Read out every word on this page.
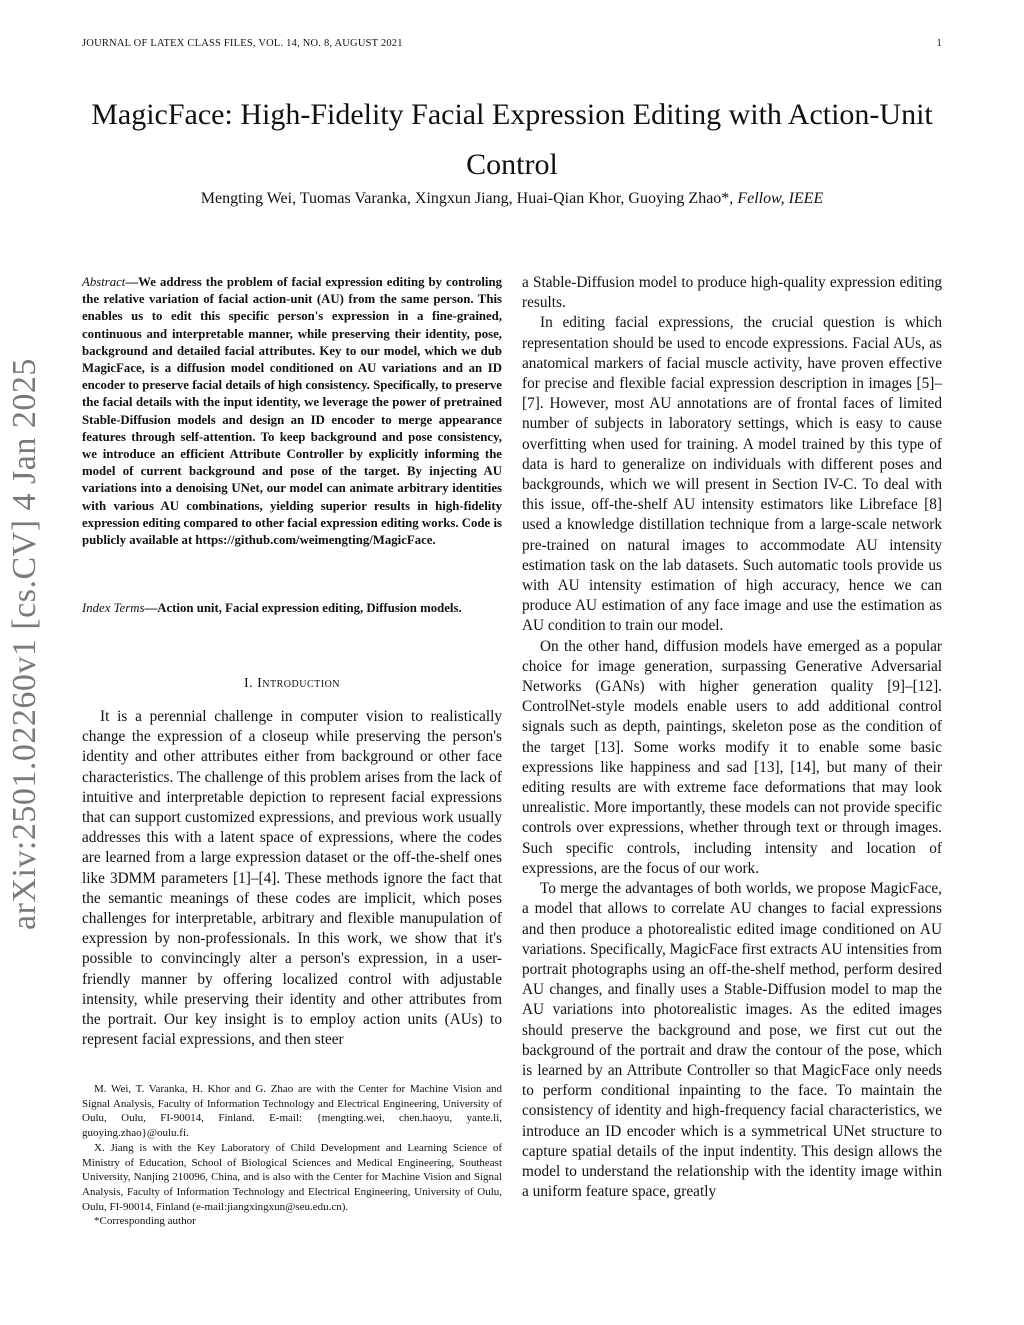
JOURNAL OF LATEX CLASS FILES, VOL. 14, NO. 8, AUGUST 2021	1
arXiv:2501.02260v1 [cs.CV] 4 Jan 2025
MagicFace: High-Fidelity Facial Expression Editing with Action-Unit Control
Mengting Wei, Tuomas Varanka, Xingxun Jiang, Huai-Qian Khor, Guoying Zhao*, Fellow, IEEE
Abstract—We address the problem of facial expression editing by controling the relative variation of facial action-unit (AU) from the same person. This enables us to edit this specific person's expression in a fine-grained, continuous and interpretable manner, while preserving their identity, pose, background and detailed facial attributes. Key to our model, which we dub MagicFace, is a diffusion model conditioned on AU variations and an ID encoder to preserve facial details of high consistency. Specifically, to preserve the facial details with the input identity, we leverage the power of pretrained Stable-Diffusion models and design an ID encoder to merge appearance features through self-attention. To keep background and pose consistency, we introduce an efficient Attribute Controller by explicitly informing the model of current background and pose of the target. By injecting AU variations into a denoising UNet, our model can animate arbitrary identities with various AU combinations, yielding superior results in high-fidelity expression editing compared to other facial expression editing works. Code is publicly available at https://github.com/weimengting/MagicFace.
Index Terms—Action unit, Facial expression editing, Diffusion models.
I. Introduction

It is a perennial challenge in computer vision to realistically change the expression of a closeup while preserving the person's identity and other attributes either from background or other face characteristics. The challenge of this problem arises from the lack of intuitive and interpretable depiction to represent facial expressions that can support customized expressions, and previous work usually addresses this with a latent space of expressions, where the codes are learned from a large expression dataset or the off-the-shelf ones like 3DMM parameters [1]–[4]. These methods ignore the fact that the semantic meanings of these codes are implicit, which poses challenges for interpretable, arbitrary and flexible manupulation of expression by non-professionals. In this work, we show that it's possible to convincingly alter a person's expression, in a user-friendly manner by offering localized control with adjustable intensity, while preserving their identity and other attributes from the portrait. Our key insight is to employ action units (AUs) to represent facial expressions, and then steer

M. Wei, T. Varanka, H. Khor and G. Zhao are with the Center for Machine Vision and Signal Analysis, Faculty of Information Technology and Electrical Engineering, University of Oulu, Oulu, FI-90014, Finland. E-mail: {mengting.wei, chen.haoyu, yante.li, guoying.zhao}@oulu.fi.

X. Jiang is with the Key Laboratory of Child Development and Learning Science of Ministry of Education, School of Biological Sciences and Medical Engineering, Southeast University, Nanjing 210096, China, and is also with the Center for Machine Vision and Signal Analysis, Faculty of Information Technology and Electrical Engineering, University of Oulu, Oulu, FI-90014, Finland (e-mail:jiangxingxun@seu.edu.cn).

*Corresponding author

a Stable-Diffusion model to produce high-quality expression editing results.

In editing facial expressions, the crucial question is which representation should be used to encode expressions. Facial AUs, as anatomical markers of facial muscle activity, have proven effective for precise and flexible facial expression description in images [5]–[7]. However, most AU annotations are of frontal faces of limited number of subjects in laboratory settings, which is easy to cause overfitting when used for training. A model trained by this type of data is hard to generalize on individuals with different poses and backgrounds, which we will present in Section IV-C. To deal with this issue, off-the-shelf AU intensity estimators like Libreface [8] used a knowledge distillation technique from a large-scale network pre-trained on natural images to accommodate AU intensity estimation task on the lab datasets. Such automatic tools provide us with AU intensity estimation of high accuracy, hence we can produce AU estimation of any face image and use the estimation as AU condition to train our model.

On the other hand, diffusion models have emerged as a popular choice for image generation, surpassing Generative Adversarial Networks (GANs) with higher generation quality [9]–[12]. ControlNet-style models enable users to add additional control signals such as depth, paintings, skeleton pose as the condition of the target [13]. Some works modify it to enable some basic expressions like happiness and sad [13], [14], but many of their editing results are with extreme face deformations that may look unrealistic. More importantly, these models can not provide specific controls over expressions, whether through text or through images. Such specific controls, including intensity and location of expressions, are the focus of our work.

To merge the advantages of both worlds, we propose MagicFace, a model that allows to correlate AU changes to facial expressions and then produce a photorealistic edited image conditioned on AU variations. Specifically, MagicFace first extracts AU intensities from portrait photographs using an off-the-shelf method, perform desired AU changes, and finally uses a Stable-Diffusion model to map the AU variations into photorealistic images. As the edited images should preserve the background and pose, we first cut out the background of the portrait and draw the contour of the pose, which is learned by an Attribute Controller so that MagicFace only needs to perform conditional inpainting to the face. To maintain the consistency of identity and high-frequency facial characteristics, we introduce an ID encoder which is a symmetrical UNet structure to capture spatial details of the input indentity. This design allows the model to understand the relationship with the identity image within a uniform feature space, greatly
